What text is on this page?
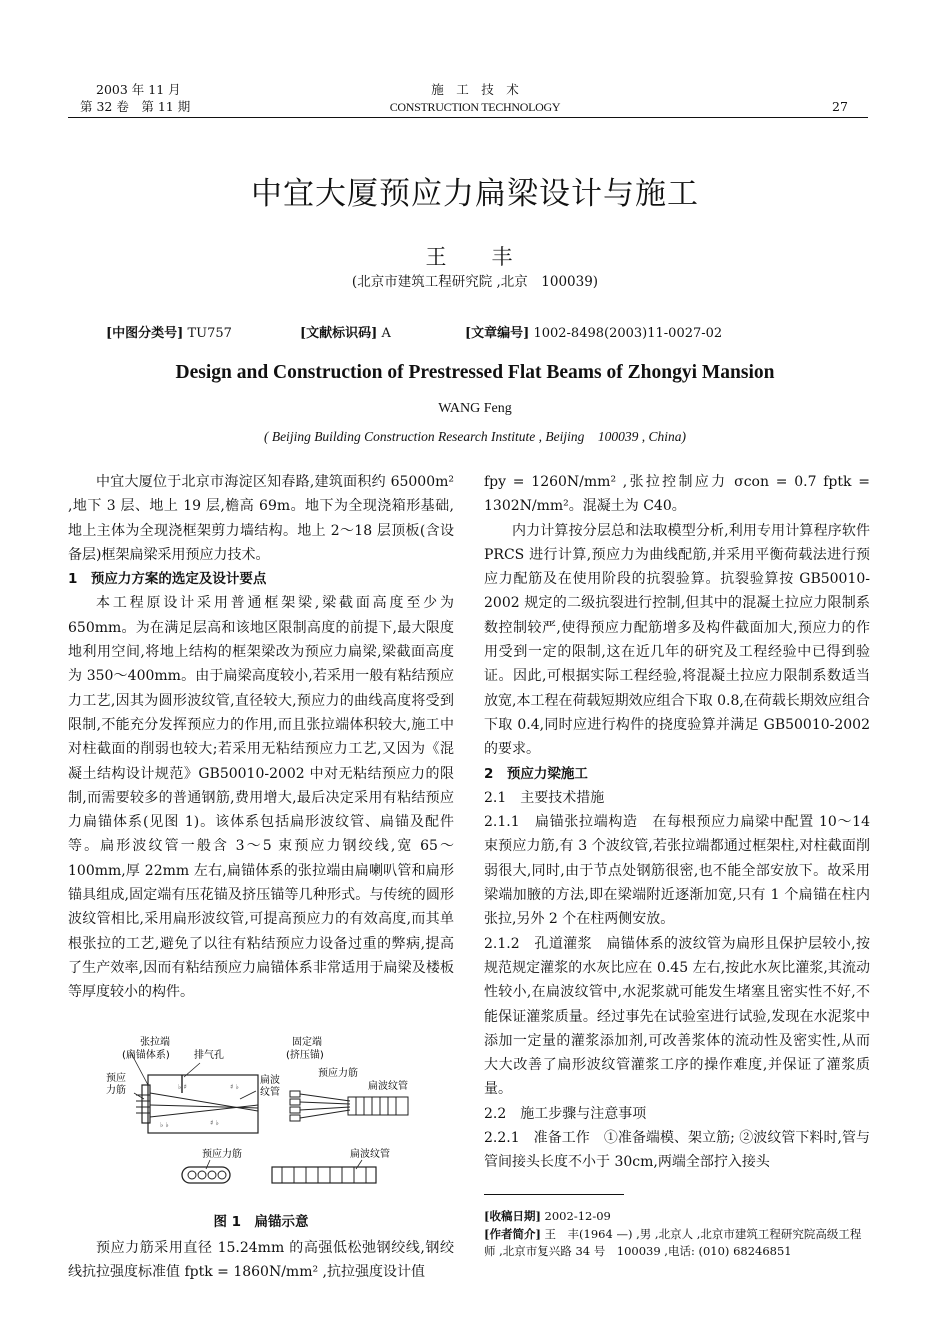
2003 年 11 月
第 32 卷　第 11 期
施　工　技　术
CONSTRUCTION TECHNOLOGY	27
中宜大厦预应力扁梁设计与施工
王　丰
(北京市建筑工程研究院 ,北京　100039)
[中图分类号] TU757	[文献标识码] A	[文章编号] 1002-8498(2003)11-0027-02
Design and Construction of Prestressed Flat Beams of Zhongyi Mansion
WANG Feng
( Beijing Building Construction Research Institute , Beijing　100039 , China)

中宜大厦位于北京市海淀区知春路,建筑面积约 65000m² ,地下 3 层、地上 19 层,檐高 69m。地下为全现浇箱形基础,地上主体为全现浇框架剪力墙结构。地上 2～18 层顶板(含设备层)框架扁梁采用预应力技术。

1　预应力方案的选定及设计要点

本工程原设计采用普通框架梁,梁截面高度至少为 650mm。为在满足层高和该地区限制高度的前提下,最大限度地利用空间,将地上结构的框架梁改为预应力扁梁,梁截面高度为 350～400mm。由于扁梁高度较小,若采用一般有粘结预应力工艺,因其为圆形波纹管,直径较大,预应力的曲线高度将受到限制,不能充分发挥预应力的作用,而且张拉端体积较大,施工中对柱截面的削弱也较大;若采用无粘结预应力工艺,又因为《混凝土结构设计规范》GB50010-2002 中对无粘结预应力的限制,而需要较多的普通钢筋,费用增大,最后决定采用有粘结预应力扁锚体系(见图 1)。该体系包括扁形波纹管、扁锚及配件等。扁形波纹管一般含 3～5 束预应力钢绞线,宽 65～100mm,厚 22mm 左右,扁锚体系的张拉端由扁喇叭管和扁形锚具组成,固定端有压花锚及挤压锚等几种形式。与传统的圆形波纹管相比,采用扁形波纹管,可提高预应力的有效高度,而其单根张拉的工艺,避免了以往有粘结预应力设备过重的弊病,提高了生产效率,因而有粘结预应力扁锚体系非常适用于扁梁及楼板等厚度较小的构件。

♭ ♯
♯ ♭
♭ ♭
♯ ♭
张拉端
(扁锚体系) 排气孔
预应
力筋
扁波
纹管
固定端
(挤压锚)
预应力筋
扁波纹管
预应力筋	扁波纹管
图 1　扁锚示意

预应力筋采用直径 15.24mm 的高强低松弛钢绞线,钢绞线抗拉强度标准值 fptk = 1860N/mm² ,抗拉强度设计值

fpy = 1260N/mm² ,张拉控制应力 σcon = 0.7 fptk = 1302N/mm²。混凝土为 C40。

内力计算按分层总和法取模型分析,利用专用计算程序软件 PRCS 进行计算,预应力为曲线配筋,并采用平衡荷载法进行预应力配筋及在使用阶段的抗裂验算。抗裂验算按 GB50010-2002 规定的二级抗裂进行控制,但其中的混凝土拉应力限制系数控制较严,使得预应力配筋增多及构件截面加大,预应力的作用受到一定的限制,这在近几年的研究及工程经验中已得到验证。因此,可根据实际工程经验,将混凝土拉应力限制系数适当放宽,本工程在荷载短期效应组合下取 0.8,在荷载长期效应组合下取 0.4,同时应进行构件的挠度验算并满足 GB50010-2002 的要求。

2　预应力梁施工

2.1　主要技术措施

2.1.1　扁锚张拉端构造　在每根预应力扁梁中配置 10～14 束预应力筋,有 3 个波纹管,若张拉端都通过框架柱,对柱截面削弱很大,同时,由于节点处钢筋很密,也不能全部安放下。故采用梁端加腋的方法,即在梁端附近逐渐加宽,只有 1 个扁锚在柱内张拉,另外 2 个在柱两侧安放。

2.1.2　孔道灌浆　扁锚体系的波纹管为扁形且保护层较小,按规范规定灌浆的水灰比应在 0.45 左右,按此水灰比灌浆,其流动性较小,在扁波纹管中,水泥浆就可能发生堵塞且密实性不好,不能保证灌浆质量。经过事先在试验室进行试验,发现在水泥浆中添加一定量的灌浆添加剂,可改善浆体的流动性及密实性,从而大大改善了扁形波纹管灌浆工序的操作难度,并保证了灌浆质量。

2.2　施工步骤与注意事项

2.2.1　准备工作　①准备端模、架立筋; ②波纹管下料时,管与管间接头长度不小于 30cm,两端全部拧入接头

[收稿日期] 2002-12-09
[作者简介] 王　丰(1964 —) ,男 ,北京人 ,北京市建筑工程研究院高级工程师 ,北京市复兴路 34 号　100039 ,电话: (010) 68246851
